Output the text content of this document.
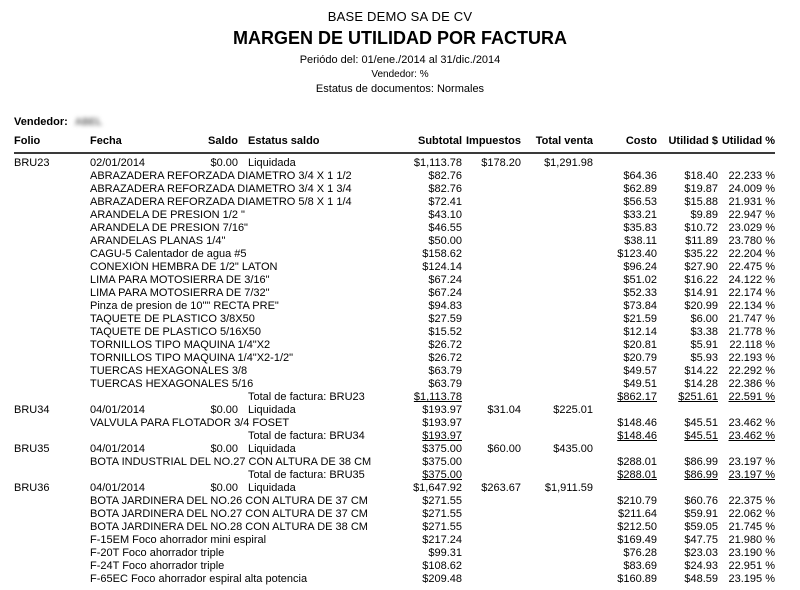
BASE DEMO SA DE CV
MARGEN DE UTILIDAD POR FACTURA
Periódo del: 01/ene./2014 al 31/dic./2014
Vendedor: %
Estatus de documentos: Normales
Vendedor: ABEL
Folio	Fecha	Saldo	Estatus saldo	Subtotal	Impuestos	Total venta	Costo	Utilidad $	Utilidad %
BRU23	02/01/2014	$0.00	Liquidada	$1,113.78	$178.20	$1,291.98			
	ABRAZADERA REFORZADA DIAMETRO 3/4 X 1 1/2			$82.76			$64.36	$18.40	22.233 %
	ABRAZADERA REFORZADA DIAMETRO 3/4 X 1 3/4			$82.76			$62.89	$19.87	24.009 %
	ABRAZADERA REFORZADA DIAMETRO 5/8 X 1 1/4			$72.41			$56.53	$15.88	21.931 %
	ARANDELA DE PRESION 1/2 "			$43.10			$33.21	$9.89	22.947 %
	ARANDELA DE PRESION 7/16"			$46.55			$35.83	$10.72	23.029 %
	ARANDELAS PLANAS 1/4"			$50.00			$38.11	$11.89	23.780 %
	CAGU-5 Calentador de agua #5			$158.62			$123.40	$35.22	22.204 %
	CONEXIÓN HEMBRA DE 1/2" LATON			$124.14			$96.24	$27.90	22.475 %
	LIMA PARA MOTOSIERRA DE 3/16"			$67.24			$51.02	$16.22	24.122 %
	LIMA PARA MOTOSIERRA DE 7/32"			$67.24			$52.33	$14.91	22.174 %
	Pinza de presion de 10"" RECTA PRE"			$94.83			$73.84	$20.99	22.134 %
	TAQUETE DE PLASTICO 3/8X50			$27.59			$21.59	$6.00	21.747 %
	TAQUETE DE PLASTICO 5/16X50			$15.52			$12.14	$3.38	21.778 %
	TORNILLOS TIPO MAQUINA 1/4"X2			$26.72			$20.81	$5.91	22.118 %
	TORNILLOS TIPO MAQUINA 1/4"X2-1/2"			$26.72			$20.79	$5.93	22.193 %
	TUERCAS HEXAGONALES 3/8			$63.79			$49.57	$14.22	22.292 %
	TUERCAS HEXAGONALES 5/16			$63.79			$49.51	$14.28	22.386 %
			Total de factura: BRU23	$1,113.78			$862.17	$251.61	22.591 %
BRU34	04/01/2014	$0.00	Liquidada	$193.97	$31.04	$225.01			
	VALVULA PARA FLOTADOR 3/4 FOSET			$193.97			$148.46	$45.51	23.462 %
			Total de factura: BRU34	$193.97			$148.46	$45.51	23.462 %
BRU35	04/01/2014	$0.00	Liquidada	$375.00	$60.00	$435.00			
	BOTA INDUSTRIAL DEL NO.27 CON ALTURA DE 38 CM			$375.00			$288.01	$86.99	23.197 %
			Total de factura: BRU35	$375.00			$288.01	$86.99	23.197 %
BRU36	04/01/2014	$0.00	Liquidada	$1,647.92	$263.67	$1,911.59			
	BOTA JARDINERA DEL NO.26 CON ALTURA DE 37 CM			$271.55			$210.79	$60.76	22.375 %
	BOTA JARDINERA DEL NO.27 CON ALTURA DE 37 CM			$271.55			$211.64	$59.91	22.062 %
	BOTA JARDINERA DEL NO.28 CON ALTURA DE 38 CM			$271.55			$212.50	$59.05	21.745 %
	F-15EM Foco ahorrador mini espiral			$217.24			$169.49	$47.75	21.980 %
	F-20T Foco ahorrador triple			$99.31			$76.28	$23.03	23.190 %
	F-24T Foco ahorrador triple			$108.62			$83.69	$24.93	22.951 %
	F-65EC Foco ahorrador espiral alta potencia			$209.48			$160.89	$48.59	23.195 %
